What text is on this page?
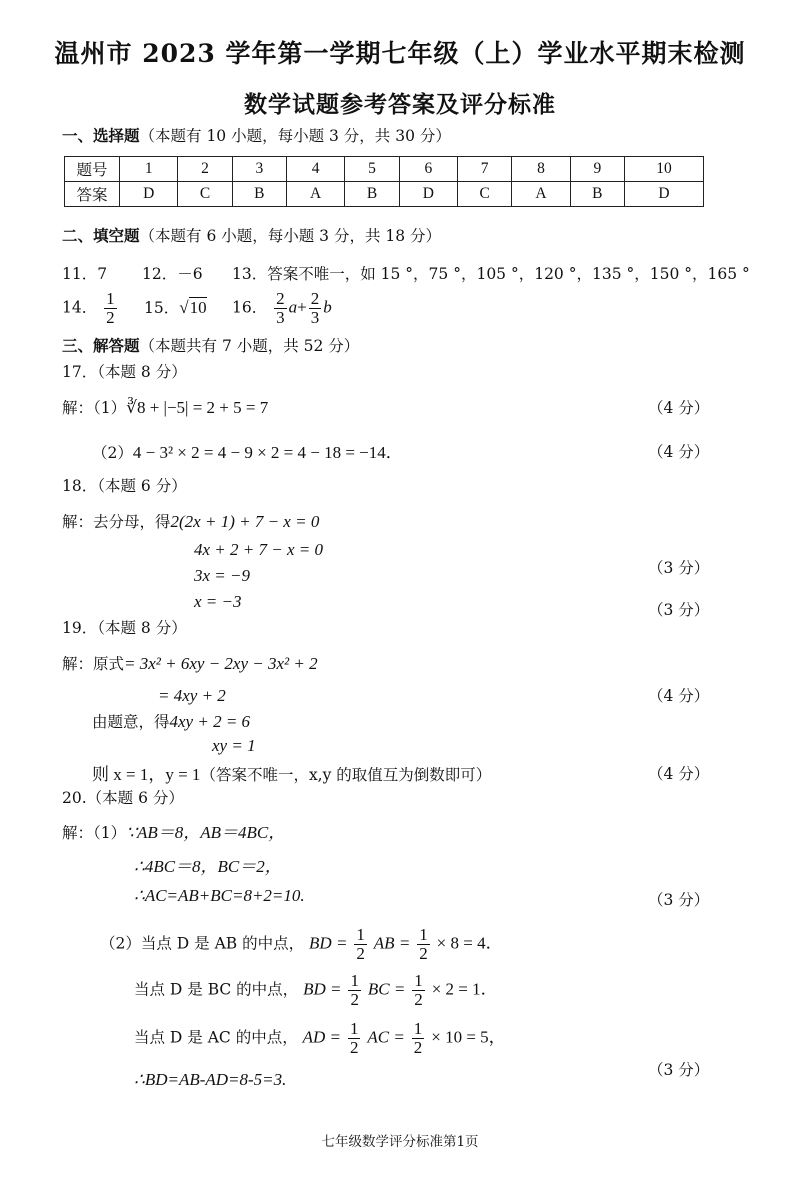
温州市 2023 学年第一学期七年级（上）学业水平期末检测
数学试题参考答案及评分标准
一、选择题（本题有 10 小题，每小题 3 分，共 30 分）
题号	1	2	3	4	5	6	7	8	9	10
答案	D	C	B	A	B	D	C	A	B	D
二、填空题（本题有 6 小题，每小题 3 分，共 18 分）
11．7 12．－6 13．答案不唯一，如 15 °，75 °，105 °，120 °，135 °，150 °，165 °
14． $\frac{1}{2} 15$．√10 16． $\frac{2}{3} a+ \frac{2}{3}$ b
三、解答题（本题共有 7 小题，共 52 分）
17．（本题 8 分）
解：（1）∛8 + |−5| = 2 + 5 = 7	（4 分）
（2）4 − 3² × 2 = 4 − 9 × 2 = 4 − 18 = −14．	（4 分）
18．（本题 6 分）
解：去分母，得2(2x + 1) + 7 − x = 0
4x + 2 + 7 − x = 0
3x = −9	（3 分）
x = −3	（3 分）
19．（本题 8 分）
解：原式= 3x² + 6xy − 2xy − 3x² + 2
= 4xy + 2	（4 分）
由题意，得4xy + 2 = 6
xy = 1
则 x = 1，y = 1（答案不唯一，x,y 的取值互为倒数即可）	（4 分）
20.（本题 6 分）
解：（1）∵AB＝8，AB＝4BC，
∴4BC＝8，BC＝2，
∴AC=AB+BC=8+2=10.	（3 分）
（2）当点 D 是 AB 的中点， BD = $\frac{1}{2}$ AB = $\frac{1}{2} \times 8 = 4$．
当点 D 是 BC 的中点， BD = $\frac{1}{2}$ BC = $\frac{1}{2} \times 2 = 1$．
当点 D 是 AC 的中点， AD = $\frac{1}{2}$ AC = $\frac{1}{2} \times 10 = 5$，
∴BD=AB-AD=8-5=3.	（3 分）
七年级数学评分标准第1页
